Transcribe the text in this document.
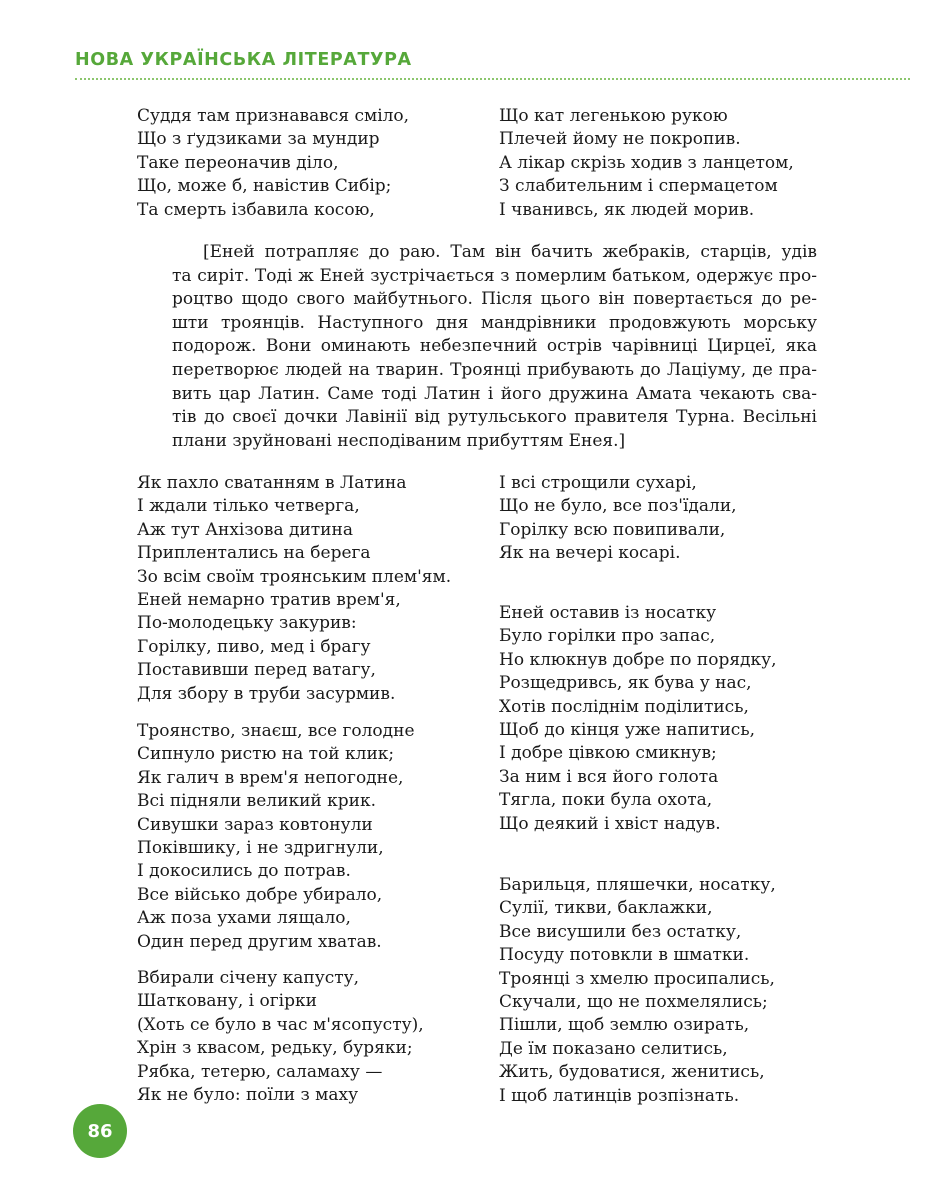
НОВА УКРАЇНСЬКА ЛІТЕРАТУРА
Суддя там признавався сміло,
Що з ґудзиками за мундир
Таке переоначив діло,
Що, може б, навістив Сибір;
Та смерть ізбавила косою,
Що кат легенькою рукою
Плечей йому не покропив.
А лікар скрізь ходив з ланцетом,
З слабительним і спермацетом
І чванивсь, як людей морив.
[Еней потрапляє до раю. Там він бачить жебраків, старців, удів
та сиріт. Тоді ж Еней зустрічається з померлим батьком, одержує про-
роцтво щодо свого майбутнього. Після цього він повертається до ре-
шти троянців. Наступного дня мандрівники продовжують морську
подорож. Вони оминають небезпечний острів чарівниці Цирцеї, яка
перетворює людей на тварин. Троянці прибувають до Лаціуму, де пра-
вить цар Латин. Саме тоді Латин і його дружина Амата чекають сва-
тів до своєї дочки Лавінії від рутульського правителя Турна. Весільні
плани зруйновані несподіваним прибуттям Енея.]
Як пахло сватанням в Латина
І ждали тілько четверга,
Аж тут Анхізова дитина
Приплентались на берега
Зо всім своїм троянським плем'ям.
Еней немарно тратив врем'я,
По-молодецьку закурив:
Горілку, пиво, мед і брагу
Поставивши перед ватагу,
Для збору в труби засурмив.
Троянство, знаєш, все голодне
Сипнуло ристю на той клик;
Як галич в врем'я непогодне,
Всі підняли великий крик.
Сивушки зараз ковтонули
Поківшику, і не здригнули,
І докосились до потрав.
Все військо добре убирало,
Аж поза ухами лящало,
Один перед другим хватав.
Вбирали січену капусту,
Шатковану, і огірки
(Хоть се було в час м'ясопусту),
Хрін з квасом, редьку, буряки;
Рябка, тетерю, саламаху —
Як не було: поїли з маху
І всі строщили сухарі,
Що не було, все поз'їдали,
Горілку всю повипивали,
Як на вечері косарі.
Еней оставив із носатку
Було горілки про запас,
Но клюкнув добре по порядку,
Розщедривсь, як бува у нас,
Хотів посліднім поділитись,
Щоб до кінця уже напитись,
І добре цівкою смикнув;
За ним і вся його голота
Тягла, поки була охота,
Що деякий і хвіст надув.
Барильця, пляшечки, носатку,
Сулії, тикви, баклажки,
Все висушили без остатку,
Посуду потовкли в шматки.
Троянці з хмелю просипались,
Скучали, що не похмелялись;
Пішли, щоб землю озирать,
Де їм показано селитись,
Жить, будоватися, женитись,
І щоб латинців розпізнать.
86
